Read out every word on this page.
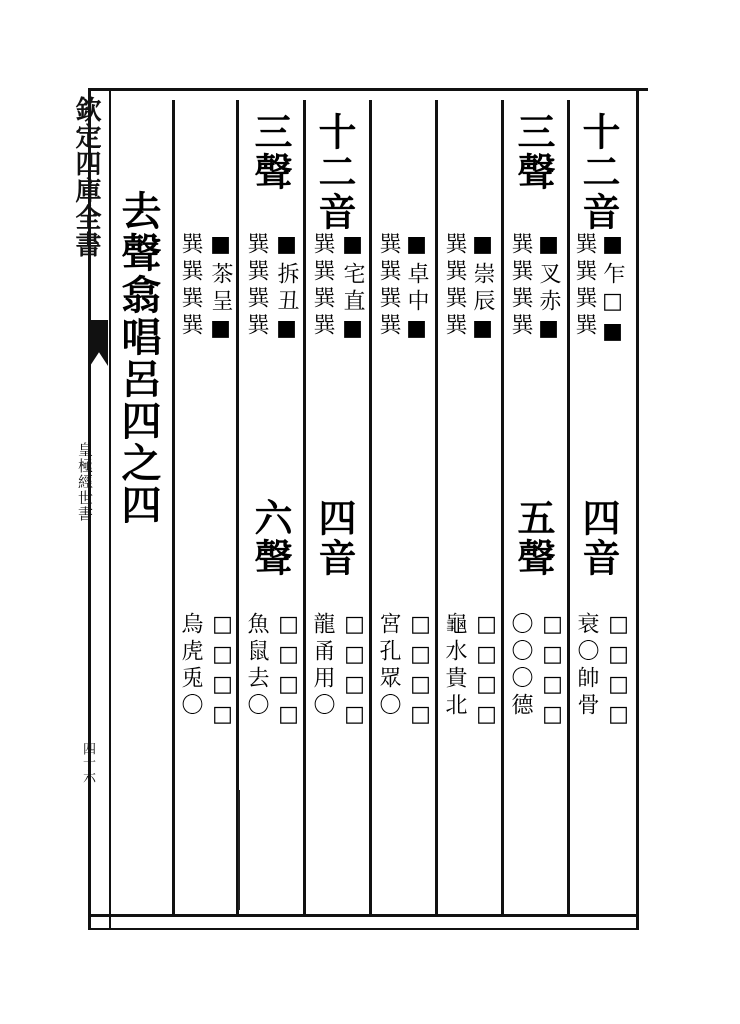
欽定四庫全書
皇極經世書
四十六
去聲翕唱呂四之四
十二音
■乍□■
巽巽巽巽
三聲
■叉赤■
巽巽巽巽
■崇辰■
巽巽巽巽
■卓中■
巽巽巽巽
十二音
■宅直■
巽巽巽巽
三聲
■拆丑■
巽巽巽巽
■茶呈■
巽巽巽巽
四音
□□□□
衰〇帥骨
五聲
□□□□
〇〇〇德
□□□□
龜水貴北
□□□□
宮孔眾〇
四音
□□□□
龍甬用〇
六聲
□□□□
魚鼠去〇
□□□□
烏虎兎〇
